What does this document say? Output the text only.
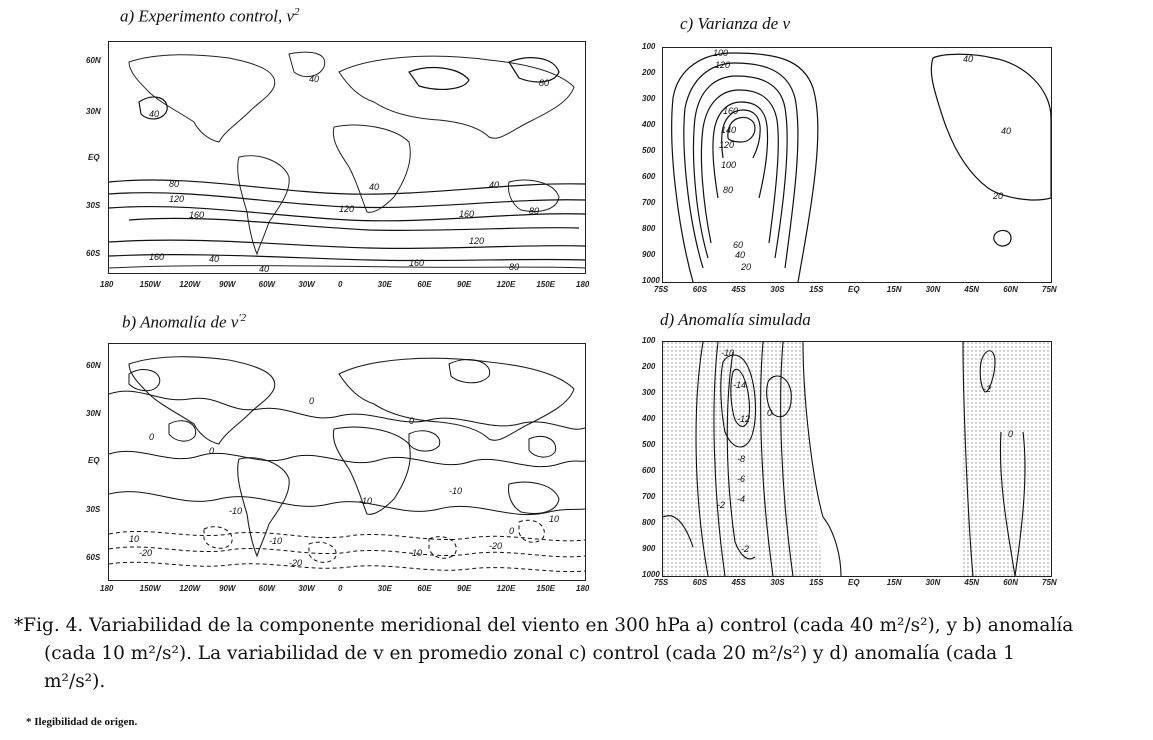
a) Experimento control, $v^2$
c) Varianza de v
b) Anomalía de $v^{'2}$	d) Anomalía simulada
40
40
40
80
80
120
160
160
40
80
120	160
120
80
160
40
40
60N
30N
EQ
30S
60S
180	150W 120W 90W	60W	30W	0	30E	60E	90E	120E	150E	180
0
0
0
0
-10
-10
-10
-20
-20
10	-10
0
-20
-10
10
60N
30N
EQ
30S
60S
180	150W 120W 90W	60W	30W	0	30E	60E	90E	120E	150E	180
100
120
160
140
120
100
80
60
40
20
40
40
20
75S	60S	45S	30S	15S	EQ	15N	30N	45N	60N	75N
100
200
300
400
500
600
700
800
900
1000
-10
-14
-12
-8
-6
-4
-2
0
-2
0
-2
75S	60S	45S	30S	15S	EQ	15N	30N	45N	60N	75N
100
200
300
400
500
600
700
800
900
1000
*Fig. 4. Variabilidad de la componente meridional del viento en 300 hPa a) control (cada 40 m²/s²), y b) anomalía
(cada 10 m²/s²). La variabilidad de v en promedio zonal c) control (cada 20 m²/s²) y d) anomalía (cada 1
m²/s²).
* Ilegibilidad de origen.
